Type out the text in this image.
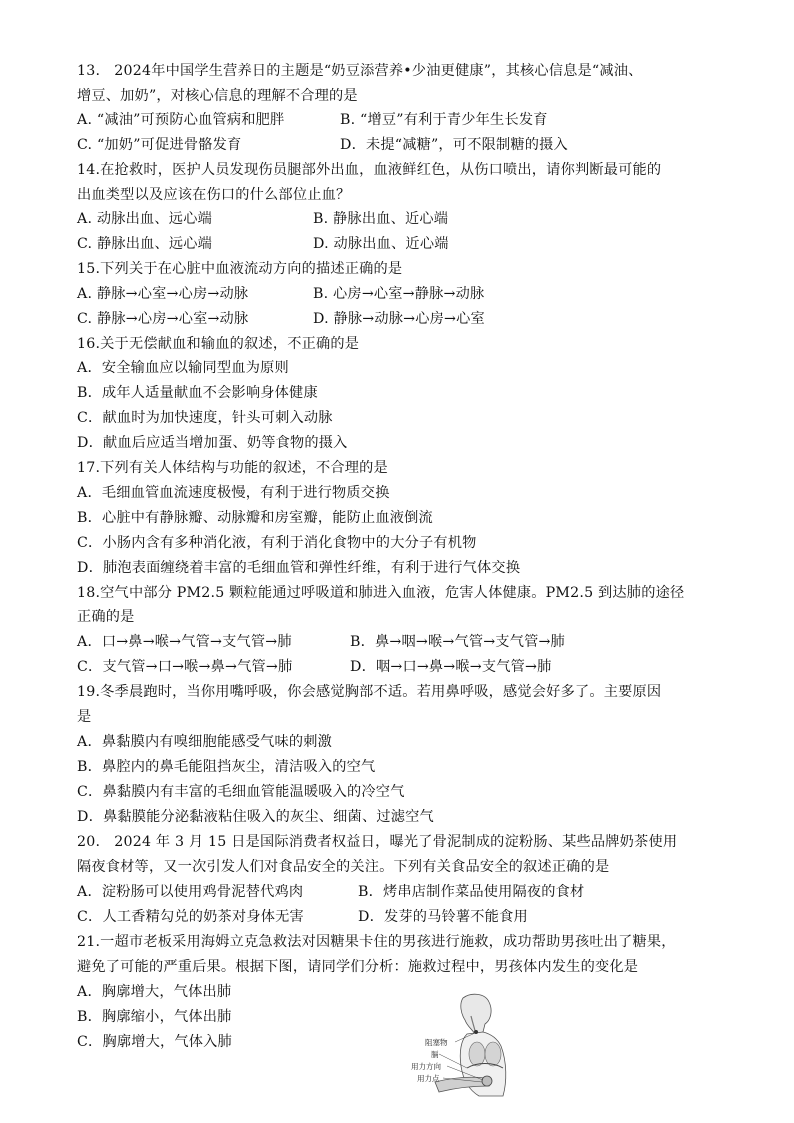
13.   2024年中国学生营养日的主题是“奶豆添营养•少油更健康”，其核心信息是“减油、
增豆、加奶”，对核心信息的理解不合理的是
A. “减油”可预防心血管病和肥胖	B. “增豆”有利于青少年生长发育
C. “加奶”可促进骨骼发育	D．未提“减糖”，可不限制糖的摄入
14.在抢救时，医护人员发现伤员腿部外出血，血液鲜红色，从伤口喷出，请你判断最可能的
出血类型以及应该在伤口的什么部位止血？
A. 动脉出血、远心端	B. 静脉出血、近心端
C. 静脉出血、远心端	D. 动脉出血、近心端
15.下列关于在心脏中血液流动方向的描述正确的是
A. 静脉→心室→心房→动脉	B. 心房→心室→静脉→动脉
C. 静脉→心房→心室→动脉	D. 静脉→动脉→心房→心室
16.关于无偿献血和输血的叙述，不正确的是
A．安全输血应以输同型血为原则
B．成年人适量献血不会影响身体健康
C．献血时为加快速度，针头可刺入动脉
D．献血后应适当增加蛋、奶等食物的摄入
17.下列有关人体结构与功能的叙述，不合理的是
A．毛细血管血流速度极慢，有利于进行物质交换
B．心脏中有静脉瓣、动脉瓣和房室瓣，能防止血液倒流
C．小肠内含有多种消化液，有利于消化食物中的大分子有机物
D．肺泡表面缠绕着丰富的毛细血管和弹性纤维，有利于进行气体交换
18.空气中部分 PM2.5 颗粒能通过呼吸道和肺进入血液，危害人体健康。PM2.5 到达肺的途径
正确的是
A．口→鼻→喉→气管→支气管→肺	B．鼻→咽→喉→气管→支气管→肺
C．支气管→口→喉→鼻→气管→肺	D．咽→口→鼻→喉→支气管→肺
19.冬季晨跑时，当你用嘴呼吸，你会感觉胸部不适。若用鼻呼吸，感觉会好多了。主要原因
是
A．鼻黏膜内有嗅细胞能感受气味的刺激
B．鼻腔内的鼻毛能阻挡灰尘，清洁吸入的空气
C．鼻黏膜内有丰富的毛细血管能温暖吸入的冷空气
D．鼻黏膜能分泌黏液粘住吸入的灰尘、细菌、过滤空气
20.   2024 年 3 月 15 日是国际消费者权益日，曝光了骨泥制成的淀粉肠、某些品牌奶茶使用
隔夜食材等，又一次引发人们对食品安全的关注。下列有关食品安全的叙述正确的是
A．淀粉肠可以使用鸡骨泥替代鸡肉	B．烤串店制作菜品使用隔夜的食材
C．人工香精勾兑的奶茶对身体无害	D．发芽的马铃薯不能食用
21.一超市老板采用海姆立克急救法对因糖果卡住的男孩进行施救，成功帮助男孩吐出了糖果，
避免了可能的严重后果。根据下图，请同学们分析：施救过程中，男孩体内发生的变化是
A．胸廓增大，气体出肺
B．胸廓缩小，气体出肺
C．胸廓增大，气体入肺	阻塞物
膈
用力方向
用力点
